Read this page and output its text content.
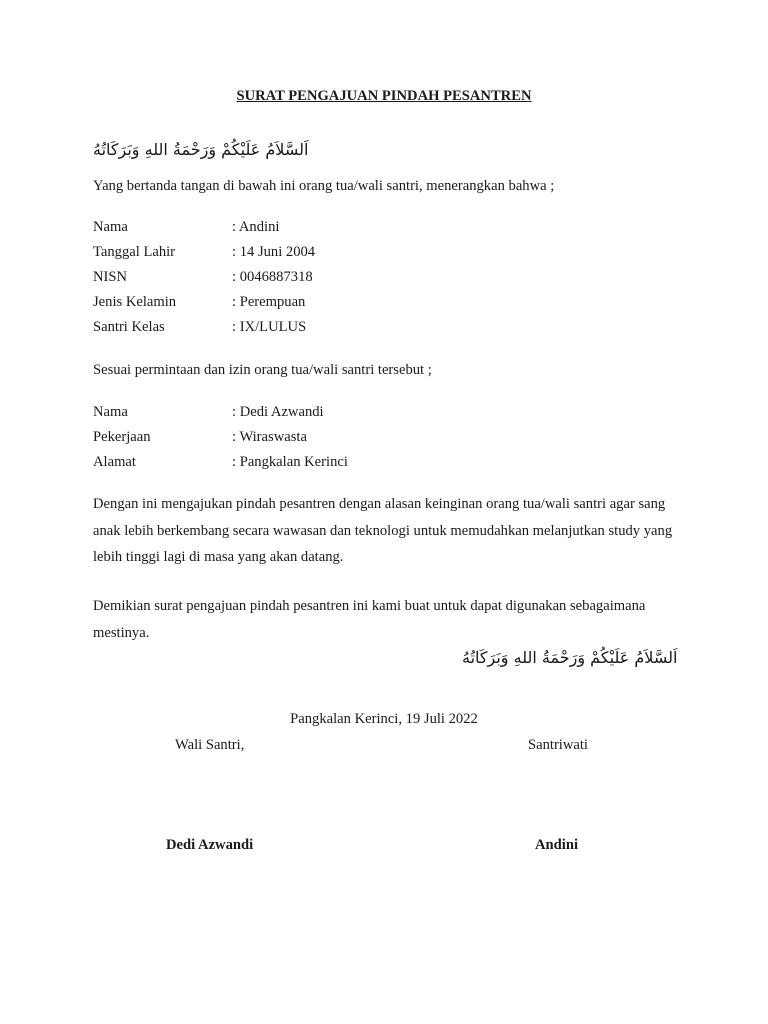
SURAT PENGAJUAN PINDAH PESANTREN
اَلسَّلاَمُ عَلَيْكُمْ وَرَحْمَةُ اللهِ وَبَرَكَاتُهُ
Yang bertanda tangan di bawah ini orang tua/wali santri, menerangkan bahwa ;
Nama	: Andini
Tanggal Lahir	: 14 Juni 2004
NISN	: 0046887318
Jenis Kelamin	: Perempuan
Santri Kelas	: IX/LULUS
Sesuai permintaan dan izin orang tua/wali santri tersebut ;
Nama	: Dedi Azwandi
Pekerjaan	: Wiraswasta
Alamat	: Pangkalan Kerinci
Dengan ini mengajukan pindah pesantren dengan alasan keinginan orang tua/wali santri agar sang anak lebih berkembang secara wawasan dan teknologi untuk memudahkan melanjutkan study yang lebih tinggi lagi di masa yang akan datang.
Demikian surat pengajuan pindah pesantren ini kami buat untuk dapat digunakan sebagaimana mestinya.
اَلسَّلاَمُ عَلَيْكُمْ وَرَحْمَةُ اللهِ وَبَرَكَاتُهُ
Pangkalan Kerinci, 19 Juli 2022
Wali Santri,	Santriwati
Dedi Azwandi	Andini
